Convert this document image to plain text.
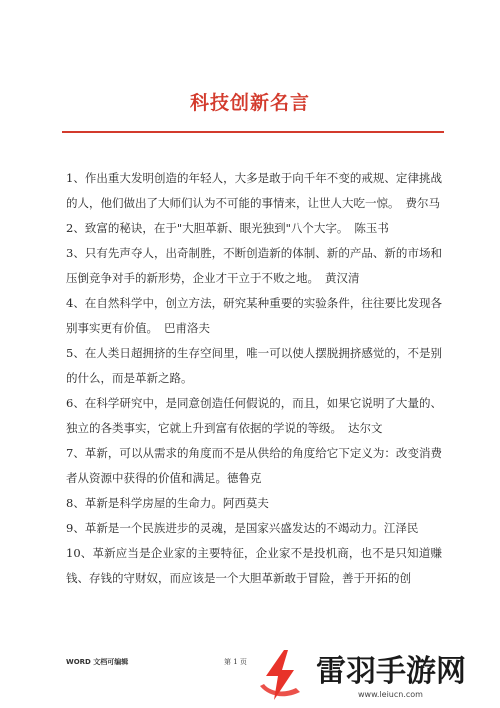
科技创新名言
1、作出重大发明创造的年轻人，大多是敢于向千年不变的戒规、定律挑战的人，他们做出了大师们认为不可能的事情来，让世人大吃一惊。 费尔马
2、致富的秘诀，在于"大胆革新、眼光独到"八个大字。 陈玉书
3、只有先声夺人，出奇制胜，不断创造新的体制、新的产品、新的市场和压倒竞争对手的新形势，企业才干立于不败之地。 黄汉清
4、在自然科学中，创立方法，研究某种重要的实验条件，往往要比发现各别事实更有价值。 巴甫洛夫
5、在人类日超拥挤的生存空间里，唯一可以使人摆脱拥挤感觉的，不是别的什么，而是革新之路。
6、在科学研究中，是同意创造任何假说的，而且，如果它说明了大量的、独立的各类事实，它就上升到富有依据的学说的等级。 达尔文
7、革新，可以从需求的角度而不是从供给的角度给它下定义为：改变消费者从资源中获得的价值和满足。德鲁克
8、革新是科学房屋的生命力。阿西莫夫
9、革新是一个民族进步的灵魂，是国家兴盛发达的不竭动力。江泽民
10、革新应当是企业家的主要特征，企业家不是投机商，也不是只知道赚钱、存钱的守财奴，而应该是一个大胆革新敢于冒险，善于开拓的创
WORD 文档可编辑	第 1 页 雷羽手游网
www.leiucn.com
